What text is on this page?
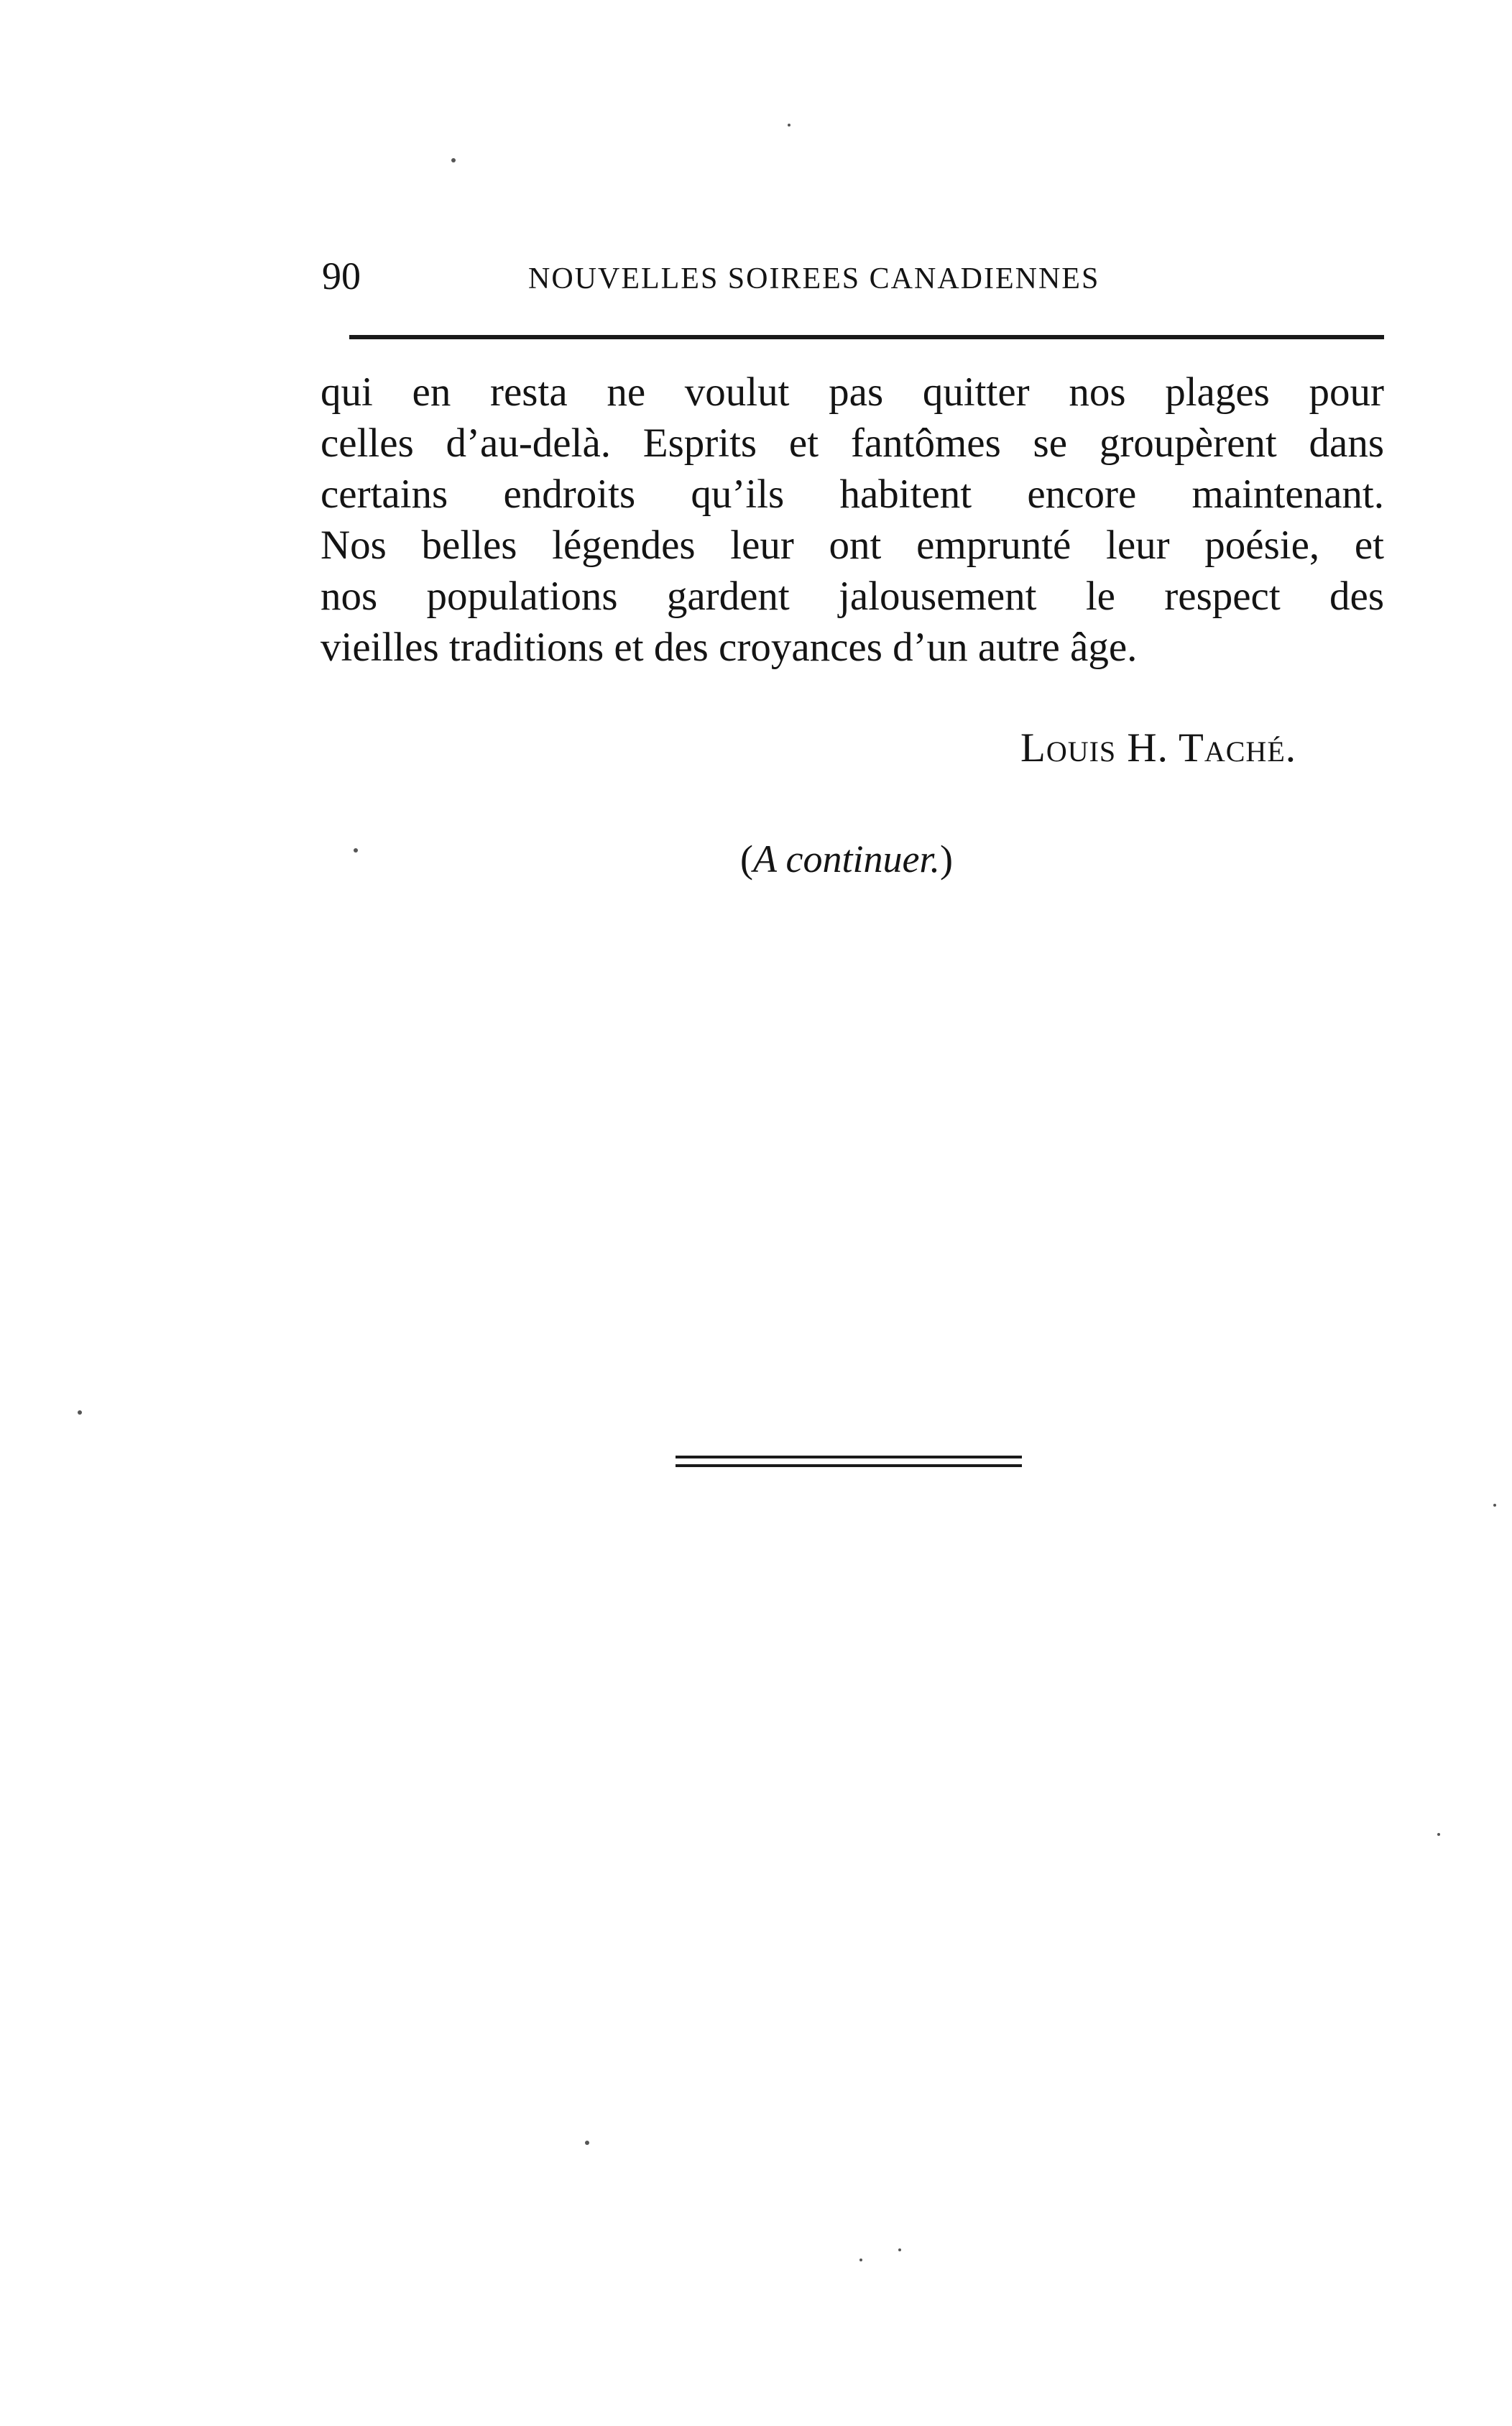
90	NOUVELLES SOIREES CANADIENNES

qui en resta ne voulut pas quitter nos plages pour
celles d’au-delà. Esprits et fantômes se groupèrent dans
certains endroits qu’ils habitent encore maintenant.
Nos belles légendes leur ont emprunté leur poésie, et
nos populations gardent jalousement le respect des
vieilles traditions et des croyances d’un autre âge.

Louis H. Taché.
(A continuer.)
